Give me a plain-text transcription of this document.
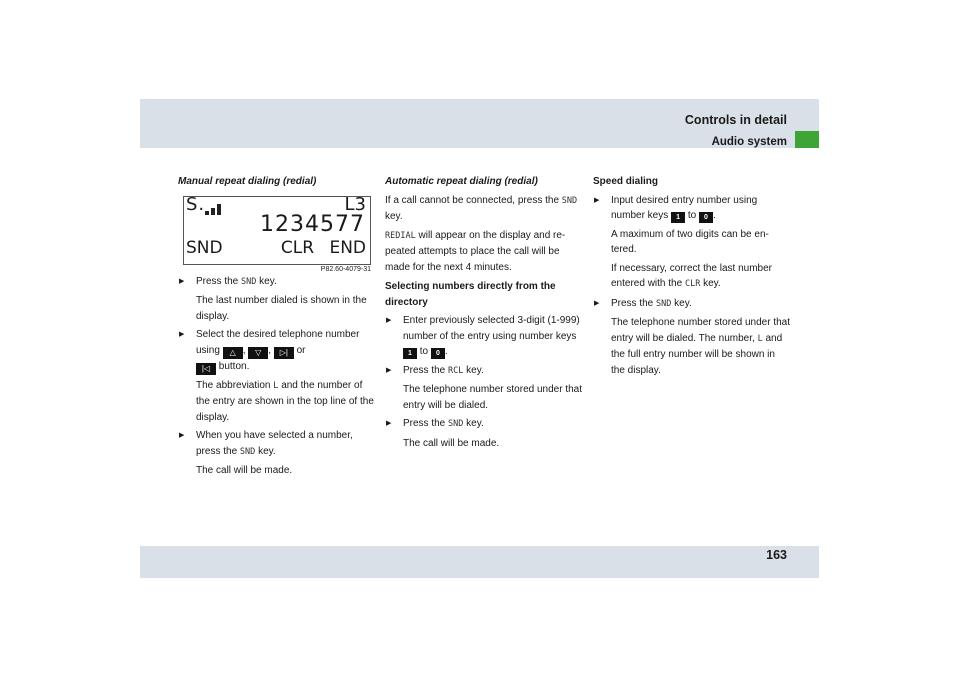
Controls in detail
Audio system
Manual repeat dialing (redial)
S.	L3
1234577
SND	CLR END
P82.60-4079-31
▶ Press the SND key.
The last number dialed is shown in the display.
▶ Select the desired telephone number using △ , ▽ , ▷| or
|◁ button.
The abbreviation L and the number of the entry are shown in the top line of the display.
▶ When you have selected a number, press the SND key.
The call will be made.
Automatic repeat dialing (redial)

If a call cannot be connected, press the SND key.

REDIAL will appear on the display and re-peated attempts to place the call will be made for the next 4 minutes.

Selecting numbers directly from the directory
▶ Enter previously selected 3-digit (1-999) number of the entry using number keys 1 to 0 .
▶ Press the RCL key.
The telephone number stored under that entry will be dialed.
▶ Press the SND key.
The call will be made.
Speed dialing
▶ Input desired entry number using number keys 1 to 0 .
A maximum of two digits can be en-tered.
If necessary, correct the last number entered with the CLR key.
▶ Press the SND key.
The telephone number stored under that entry will be dialed. The number, L and the full entry number will be shown in the display.
163
